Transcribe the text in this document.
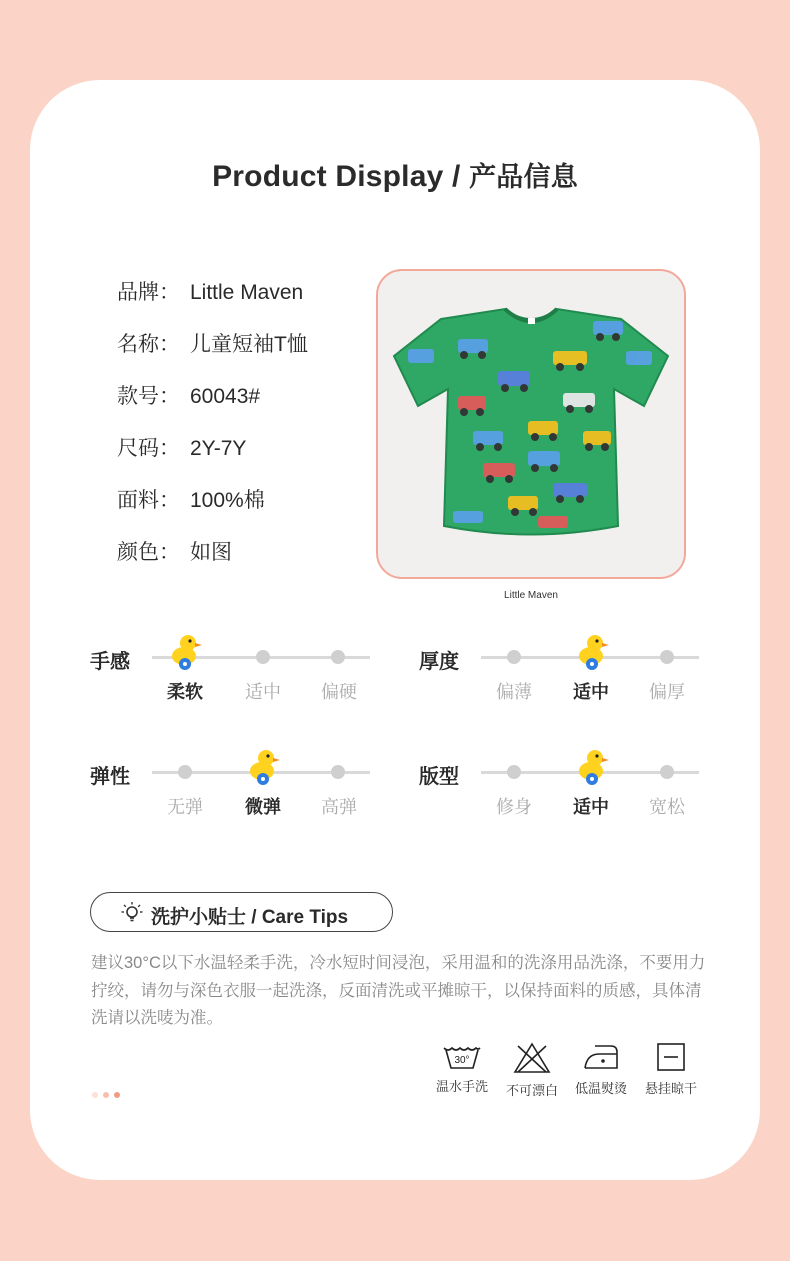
Product Display / 产品信息
品牌： Little Maven
名称： 儿童短袖T恤
款号： 60043#
尺码： 2Y-7Y
面料： 100%棉
颜色： 如图
Little Maven
手感
柔软	适中	偏硬
厚度
偏薄	适中	偏厚
弹性
无弹	微弹	高弹
版型
修身	适中	宽松
洗护小贴士 / Care Tips
建议30°C以下水温轻柔手洗，冷水短时间浸泡，采用温和的洗涤用品洗涤，不要用力拧绞，请勿与深色衣服一起洗涤，反面清洗或平摊晾干，以保持面料的质感，具体清洗请以洗唛为准。
30°
温水手洗	不可漂白	低温熨烫	悬挂晾干
